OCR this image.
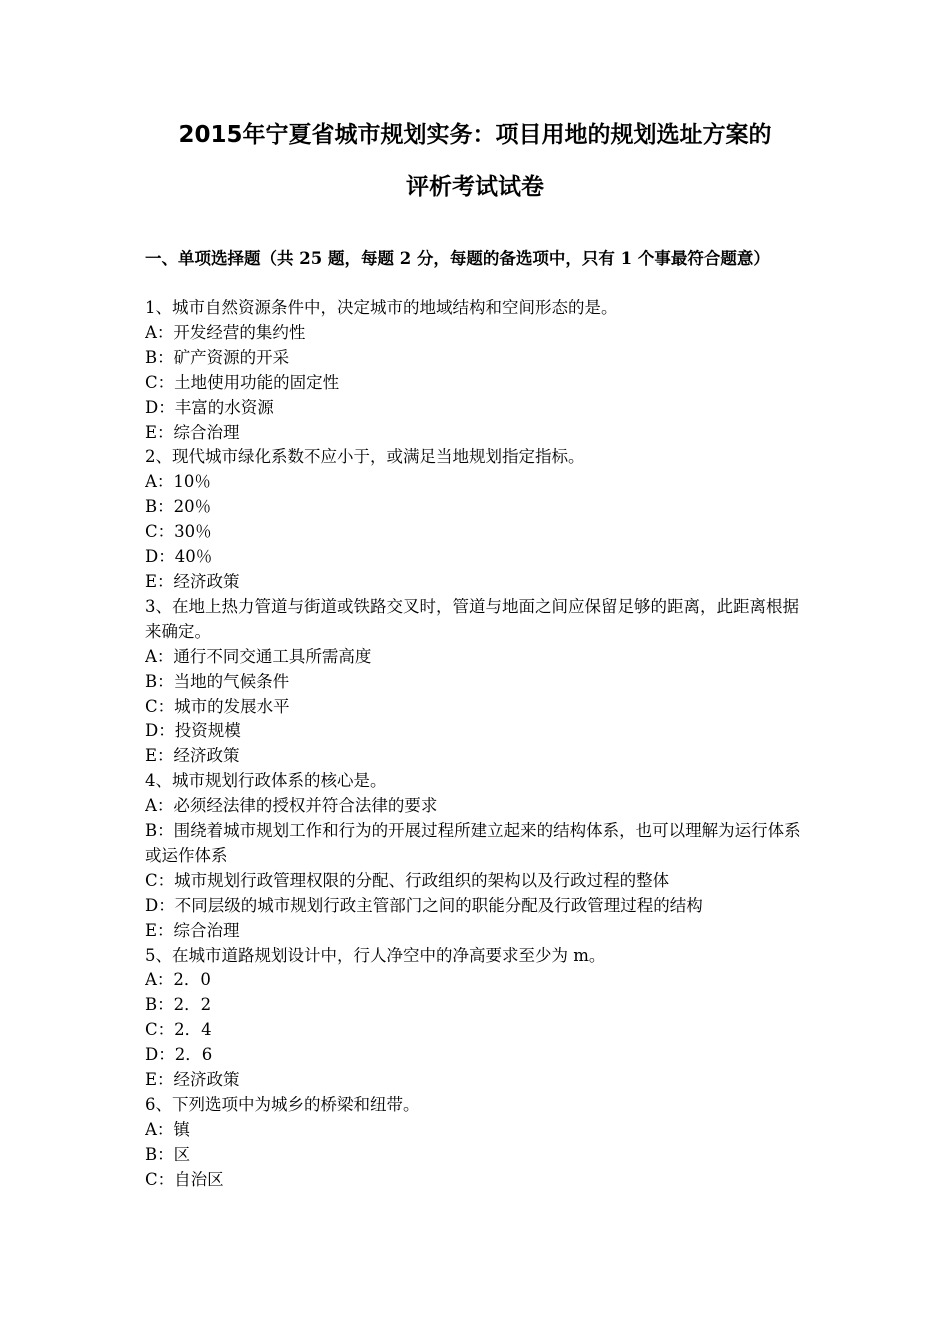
2015年宁夏省城市规划实务：项目用地的规划选址方案的
评析考试试卷
一、单项选择题（共 25 题，每题 2 分，每题的备选项中，只有 1 个事最符合题意）
1、城市自然资源条件中，决定城市的地域结构和空间形态的是。
A：开发经营的集约性
B：矿产资源的开采
C：土地使用功能的固定性
D：丰富的水资源
E：综合治理
2、现代城市绿化系数不应小于，或满足当地规划指定指标。
A：10％
B：20％
C：30％
D：40％
E：经济政策
3、在地上热力管道与街道或铁路交叉时，管道与地面之间应保留足够的距离，此距离根据来确定。
A：通行不同交通工具所需高度
B：当地的气候条件
C：城市的发展水平
D：投资规模
E：经济政策
4、城市规划行政体系的核心是。
A：必须经法律的授权并符合法律的要求
B：围绕着城市规划工作和行为的开展过程所建立起来的结构体系，也可以理解为运行体系或运作体系
C：城市规划行政管理权限的分配、行政组织的架构以及行政过程的整体
D：不同层级的城市规划行政主管部门之间的职能分配及行政管理过程的结构
E：综合治理
5、在城市道路规划设计中，行人净空中的净高要求至少为 m。
A：2．0
B：2．2
C：2．4
D：2．6
E：经济政策
6、下列选项中为城乡的桥梁和纽带。
A：镇
B：区
C：自治区
